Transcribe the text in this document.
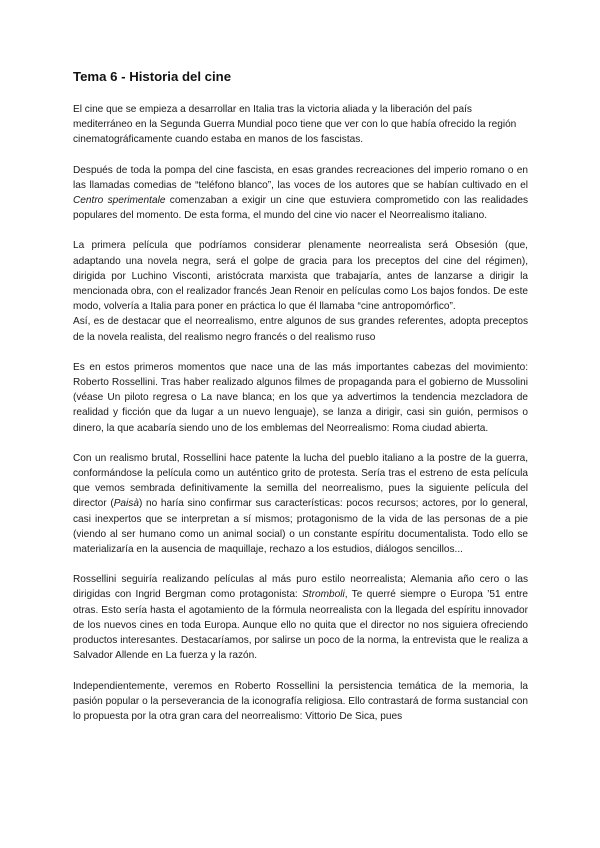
Tema 6 - Historia del cine

El cine que se empieza a desarrollar en Italia tras la victoria aliada y la liberación del país mediterráneo en la Segunda Guerra Mundial poco tiene que ver con lo que había ofrecido la región cinematográficamente cuando estaba en manos de los fascistas.

Después de toda la pompa del cine fascista, en esas grandes recreaciones del imperio romano o en las llamadas comedias de “teléfono blanco”, las voces de los autores que se habían cultivado en el Centro sperimentale comenzaban a exigir un cine que estuviera comprometido con las realidades populares del momento. De esta forma, el mundo del cine vio nacer el Neorrealismo italiano.

La primera película que podríamos considerar plenamente neorrealista será Obsesión (que, adaptando una novela negra, será el golpe de gracia para los preceptos del cine del régimen), dirigida por Luchino Visconti, aristócrata marxista que trabajaría, antes de lanzarse a dirigir la mencionada obra, con el realizador francés Jean Renoir en películas como Los bajos fondos. De este modo, volvería a Italia para poner en práctica lo que él llamaba “cine antropomórfico”.

Así, es de destacar que el neorrealismo, entre algunos de sus grandes referentes, adopta preceptos de la novela realista, del realismo negro francés o del realismo ruso

Es en estos primeros momentos que nace una de las más importantes cabezas del movimiento: Roberto Rossellini. Tras haber realizado algunos filmes de propaganda para el gobierno de Mussolini (véase Un piloto regresa o La nave blanca; en los que ya advertimos la tendencia mezcladora de realidad y ficción que da lugar a un nuevo lenguaje), se lanza a dirigir, casi sin guión, permisos o dinero, la que acabaría siendo uno de los emblemas del Neorrealismo: Roma ciudad abierta.

Con un realismo brutal, Rossellini hace patente la lucha del pueblo italiano a la postre de la guerra, conformándose la película como un auténtico grito de protesta. Sería tras el estreno de esta película que vemos sembrada definitivamente la semilla del neorrealismo, pues la siguiente película del director (Paisà) no haría sino confirmar sus características: pocos recursos; actores, por lo general, casi inexpertos que se interpretan a sí mismos; protagonismo de la vida de las personas de a pie (viendo al ser humano como un animal social) o un constante espíritu documentalista. Todo ello se materializaría en la ausencia de maquillaje, rechazo a los estudios, diálogos sencillos...

Rossellini seguiría realizando películas al más puro estilo neorrealista; Alemania año cero o las dirigidas con Ingrid Bergman como protagonista: Stromboli, Te querré siempre o Europa ’51 entre otras. Esto sería hasta el agotamiento de la fórmula neorrealista con la llegada del espíritu innovador de los nuevos cines en toda Europa. Aunque ello no quita que el director no nos siguiera ofreciendo productos interesantes. Destacaríamos, por salirse un poco de la norma, la entrevista que le realiza a Salvador Allende en La fuerza y la razón.

Independientemente, veremos en Roberto Rossellini la persistencia temática de la memoria, la pasión popular o la perseverancia de la iconografía religiosa. Ello contrastará de forma sustancial con lo propuesta por la otra gran cara del neorrealismo: Vittorio De Sica, pues
